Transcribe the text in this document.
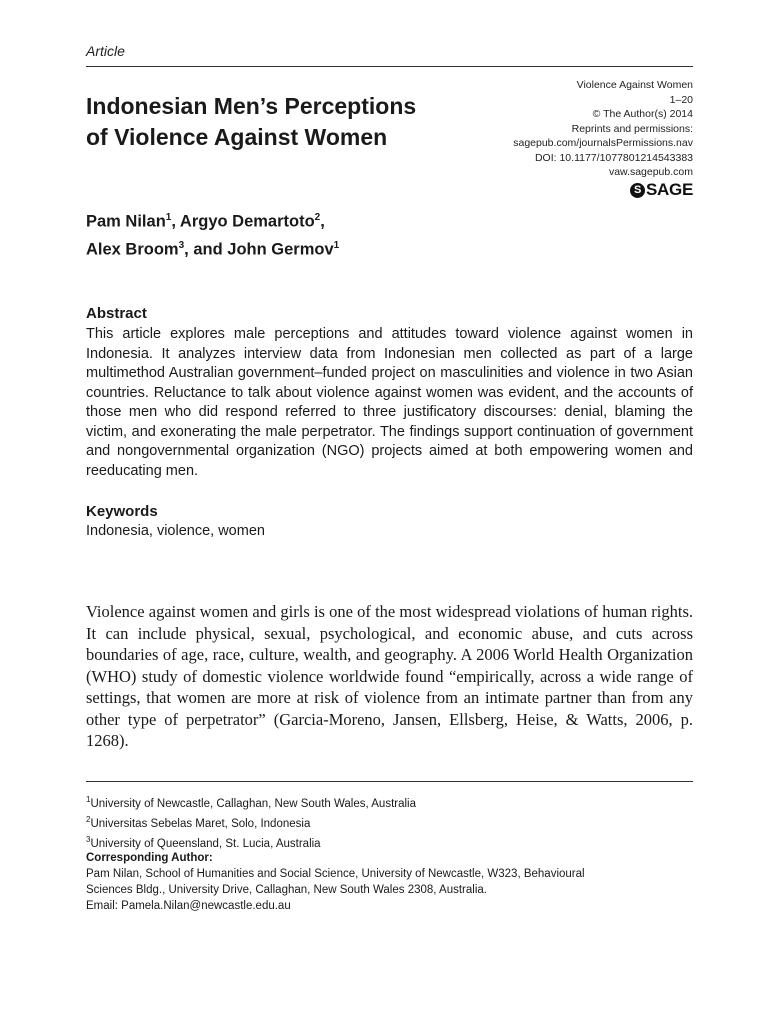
Article
Violence Against Women
1–20
© The Author(s) 2014
Reprints and permissions:
sagepub.com/journalsPermissions.nav
DOI: 10.1177/1077801214543383
vaw.sagepub.com
S SAGE
Indonesian Men’s Perceptions
of Violence Against Women

Pam Nilan$^1$, Argyo Demartoto$^2$,
Alex Broom$^3$, and John Germov$^1$

Abstract

This article explores male perceptions and attitudes toward violence against women in Indonesia. It analyzes interview data from Indonesian men collected as part of a large multimethod Australian government–funded project on masculinities and violence in two Asian countries. Reluctance to talk about violence against women was evident, and the accounts of those men who did respond referred to three justificatory discourses: denial, blaming the victim, and exonerating the male perpetrator. The findings support continuation of government and nongovernmental organization (NGO) projects aimed at both empowering women and reeducating men.

Keywords

Indonesia, violence, women

Violence against women and girls is one of the most widespread violations of human rights. It can include physical, sexual, psychological, and economic abuse, and cuts across boundaries of age, race, culture, wealth, and geography. A 2006 World Health Organization (WHO) study of domestic violence worldwide found “empirically, across a wide range of settings, that women are more at risk of violence from an intimate partner than from any other type of perpetrator” (Garcia-Moreno, Jansen, Ellsberg, Heise, & Watts, 2006, p. 1268).

$^1$University of Newcastle, Callaghan, New South Wales, Australia
$^2$Universitas Sebelas Maret, Solo, Indonesia
$^3$University of Queensland, St. Lucia, Australia
Corresponding Author:
Pam Nilan, School of Humanities and Social Science, University of Newcastle, W323, Behavioural
Sciences Bldg., University Drive, Callaghan, New South Wales 2308, Australia.
Email: Pamela.Nilan@newcastle.edu.au
